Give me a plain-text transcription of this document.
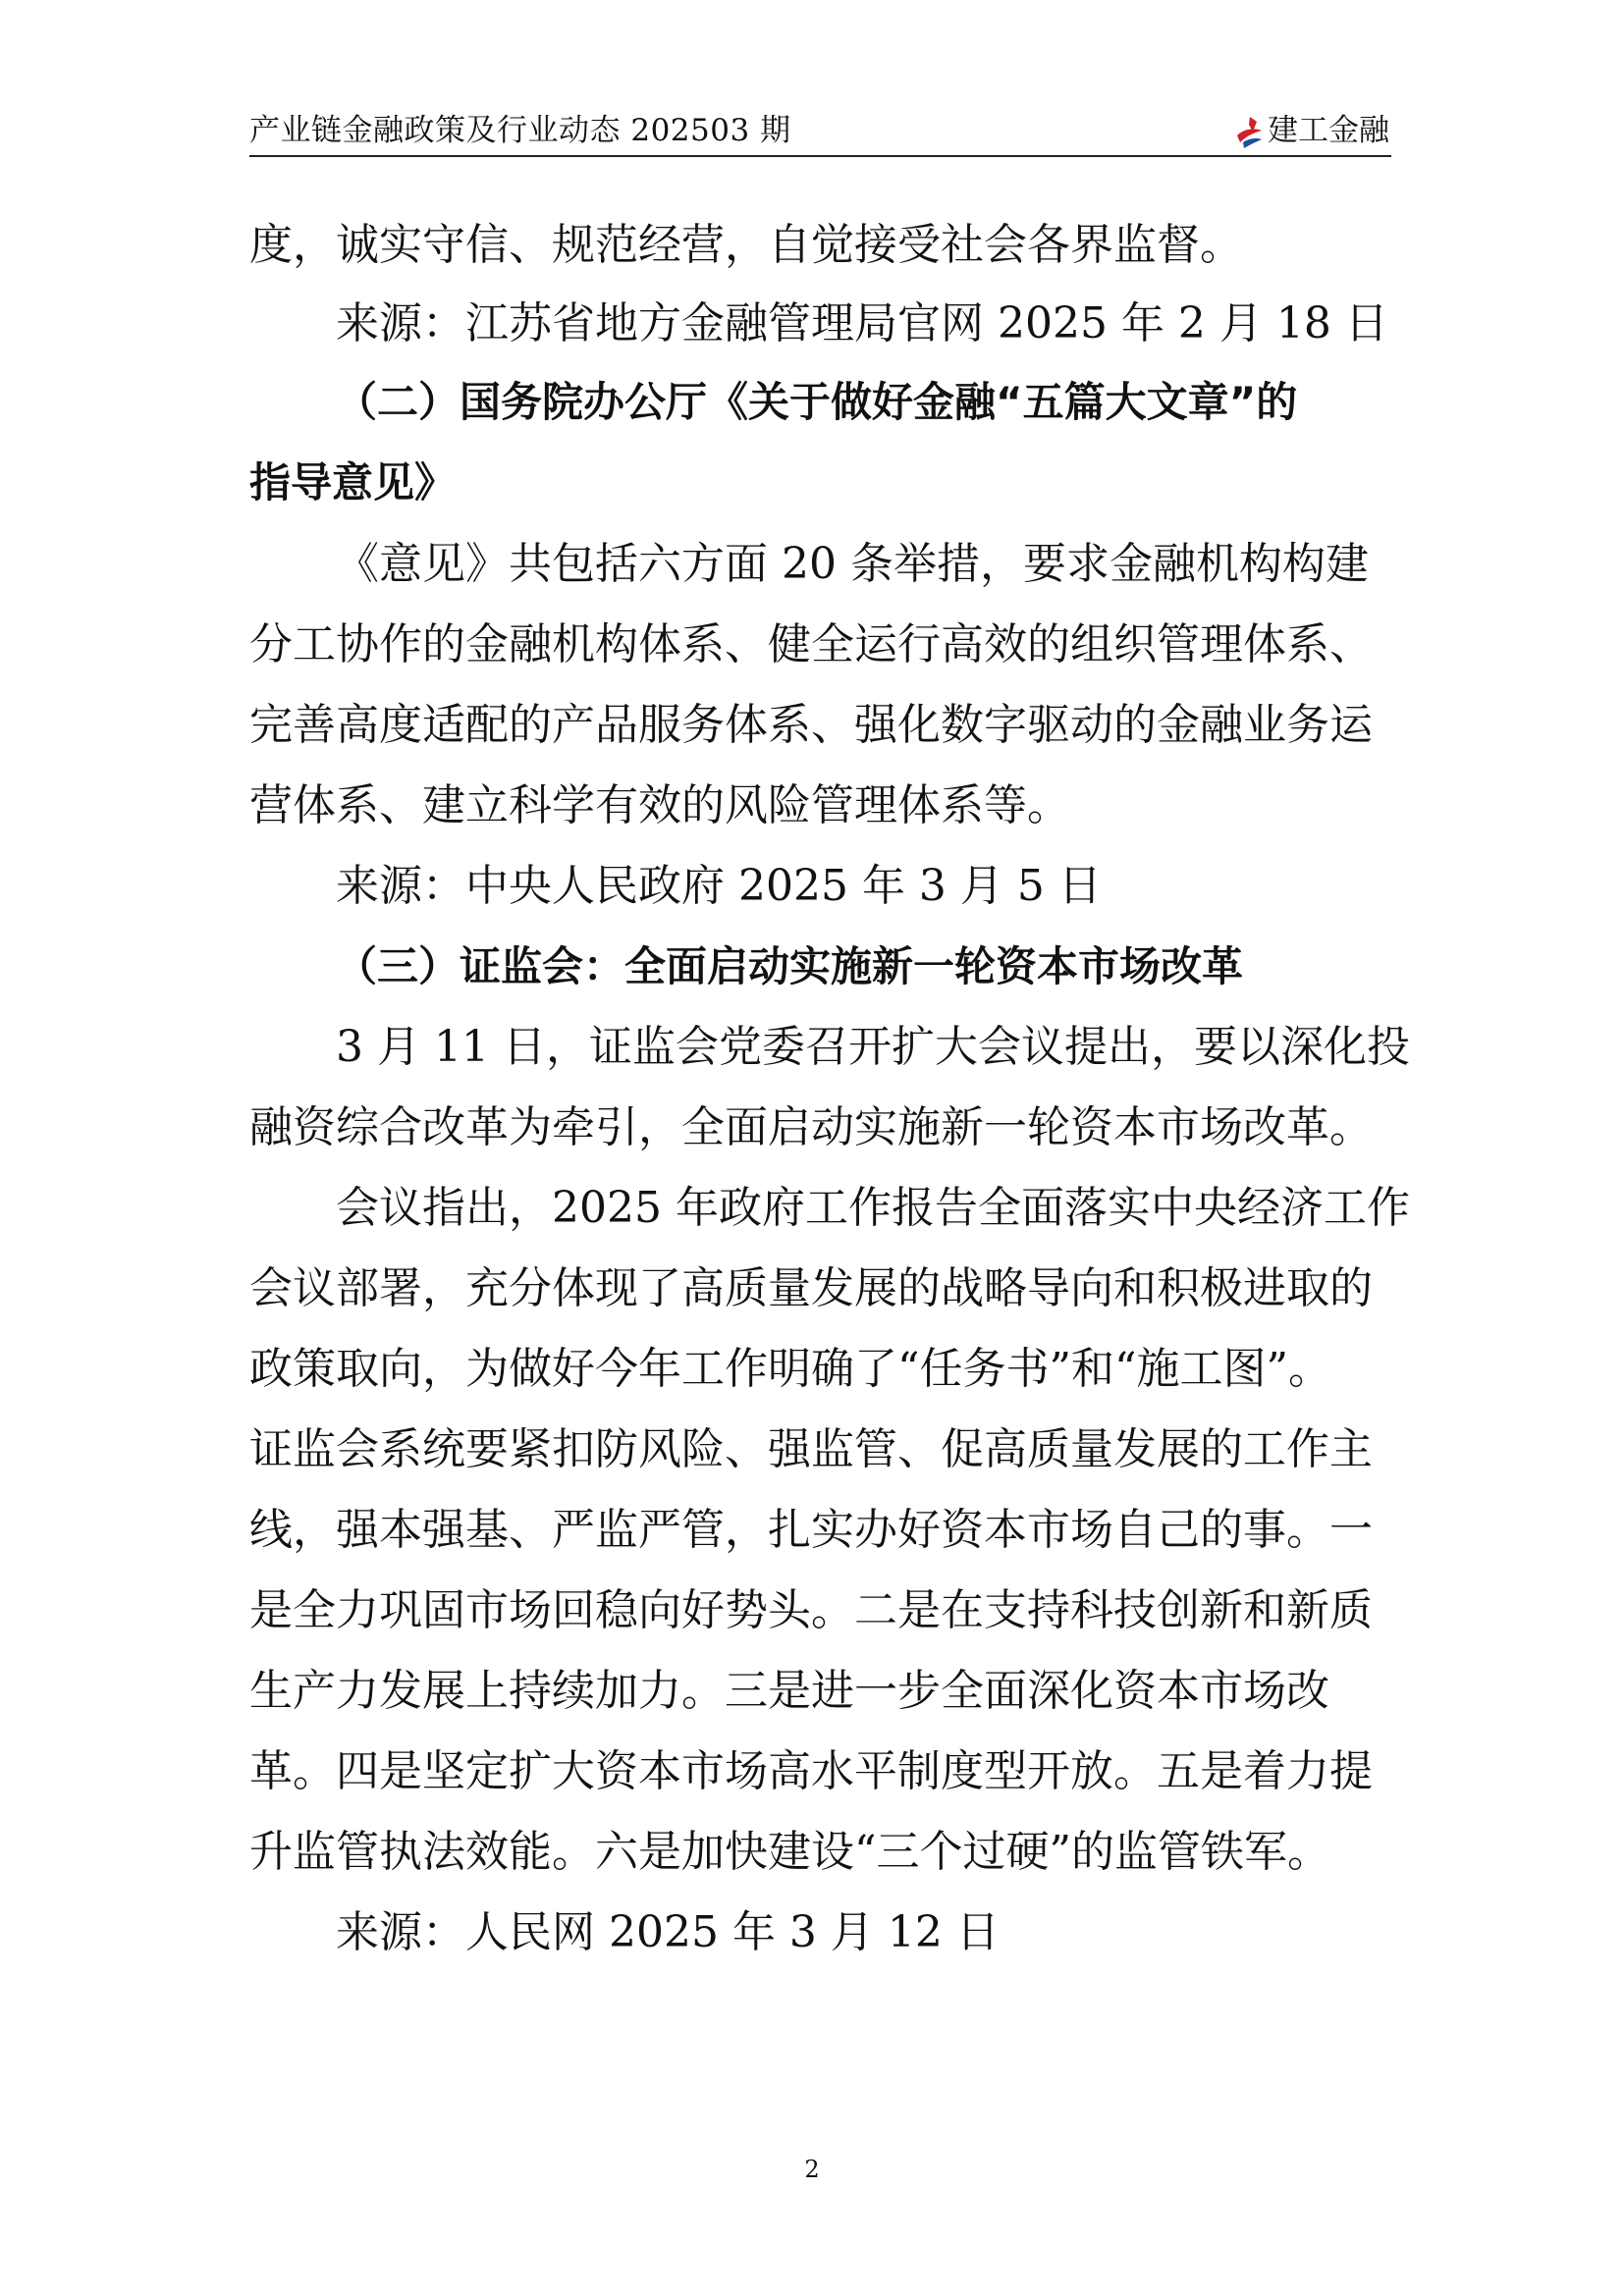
产业链金融政策及行业动态 202503 期	建工金融
度，诚实守信、规范经营，自觉接受社会各界监督。
来源：江苏省地方金融管理局官网 2025 年 2 月 18 日
（二）国务院办公厅《关于做好金融“五篇大文章”的
指导意见》
《意见》共包括六方面 20 条举措，要求金融机构构建
分工协作的金融机构体系、健全运行高效的组织管理体系、
完善高度适配的产品服务体系、强化数字驱动的金融业务运
营体系、建立科学有效的风险管理体系等。
来源：中央人民政府 2025 年 3 月 5 日
（三）证监会：全面启动实施新一轮资本市场改革
3 月 11 日，证监会党委召开扩大会议提出，要以深化投
融资综合改革为牵引，全面启动实施新一轮资本市场改革。
会议指出，2025 年政府工作报告全面落实中央经济工作
会议部署，充分体现了高质量发展的战略导向和积极进取的
政策取向，为做好今年工作明确了“任务书”和“施工图”。
证监会系统要紧扣防风险、强监管、促高质量发展的工作主
线，强本强基、严监严管，扎实办好资本市场自己的事。一
是全力巩固市场回稳向好势头。二是在支持科技创新和新质
生产力发展上持续加力。三是进一步全面深化资本市场改
革。四是坚定扩大资本市场高水平制度型开放。五是着力提
升监管执法效能。六是加快建设“三个过硬”的监管铁军。
来源：人民网 2025 年 3 月 12 日
2
